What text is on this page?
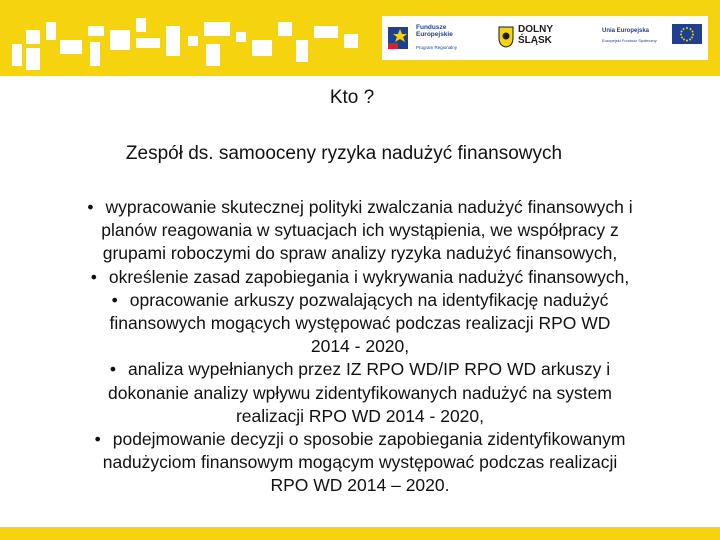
Fundusze
Europejskie
Program Regionalny
DOLNY
ŚLĄSK
Unia Europejska
Europejski Fundusz Społeczny
Kto ?
Zespół ds. samooceny ryzyka nadużyć finansowych
• wypracowanie skutecznej polityki zwalczania nadużyć finansowych i
planów reagowania w sytuacjach ich wystąpienia, we współpracy z
grupami roboczymi do spraw analizy ryzyka nadużyć finansowych,
• określenie zasad zapobiegania i wykrywania nadużyć finansowych,
• opracowanie arkuszy pozwalających na identyfikację nadużyć
finansowych mogących występować podczas realizacji RPO WD
2014 - 2020,
• analiza wypełnianych przez IZ RPO WD/IP RPO WD arkuszy i
dokonanie analizy wpływu zidentyfikowanych nadużyć na system
realizacji RPO WD 2014 - 2020,
• podejmowanie decyzji o sposobie zapobiegania zidentyfikowanym
nadużyciom finansowym mogącym występować podczas realizacji
RPO WD 2014 – 2020.
